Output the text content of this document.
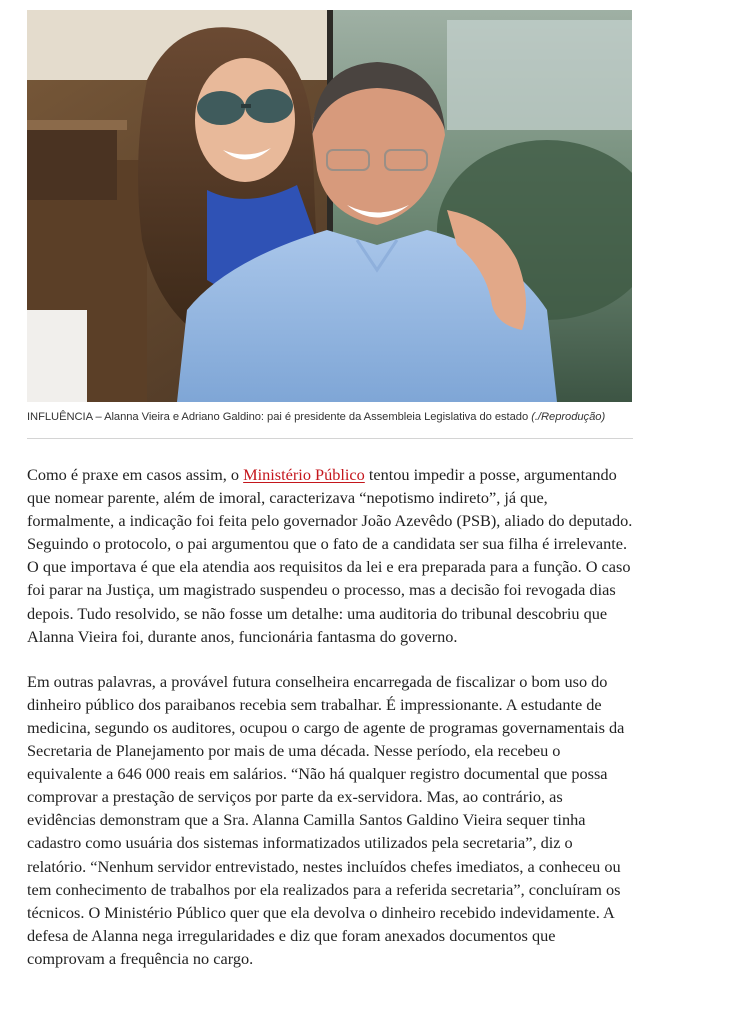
INFLUÊNCIA – Alanna Vieira e Adriano Galdino: pai é presidente da Assembleia Legislativa do estado (./Reprodução)

Como é praxe em casos assim, o Ministério Público tentou impedir a posse, argumentando que nomear parente, além de imoral, caracterizava “nepotismo indireto”, já que, formalmente, a indicação foi feita pelo governador João Azevêdo (PSB), aliado do deputado. Seguindo o protocolo, o pai argumentou que o fato de a candidata ser sua filha é irrelevante. O que importava é que ela atendia aos requisitos da lei e era preparada para a função. O caso foi parar na Justiça, um magistrado suspendeu o processo, mas a decisão foi revogada dias depois. Tudo resolvido, se não fosse um detalhe: uma auditoria do tribunal descobriu que Alanna Vieira foi, durante anos, funcionária fantasma do governo.

Em outras palavras, a provável futura conselheira encarregada de fiscalizar o bom uso do dinheiro público dos paraibanos recebia sem trabalhar. É impressionante. A estudante de medicina, segundo os auditores, ocupou o cargo de agente de programas governamentais da Secretaria de Planejamento por mais de uma década. Nesse período, ela recebeu o equivalente a 646 000 reais em salários. “Não há qualquer registro documental que possa comprovar a prestação de serviços por parte da ex-servidora. Mas, ao contrário, as evidências demonstram que a Sra. Alanna Camilla Santos Galdino Vieira sequer tinha cadastro como usuária dos sistemas informatizados utilizados pela secretaria”, diz o relatório. “Nenhum servidor entrevistado, nestes incluídos chefes imediatos, a conheceu ou tem conhecimento de trabalhos por ela realizados para a referida secretaria”, concluíram os técnicos. O Ministério Público quer que ela devolva o dinheiro recebido indevidamente. A defesa de Alanna nega irregularidades e diz que foram anexados documentos que comprovam a frequência no cargo.
